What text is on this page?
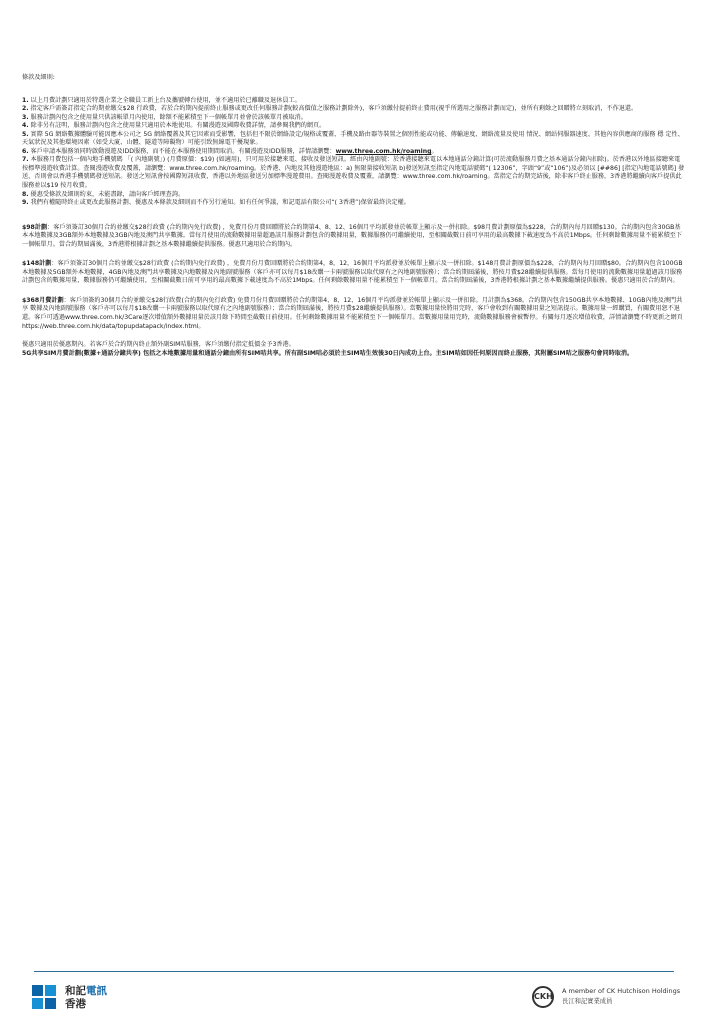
條款及細則:
1. 以上月費計劃只適用於特選企業之全職員工新上台及攜號轉台使用，並不適用於已離職及退休員工。
2. 指定客戶需簽訂指定合約期並繳交$28 行政費，若於合約期內提前終止服務或更改任何服務計劃(較高價值之服務計劃除外)，客戶須繳付提前終止費用(視乎所選用之服務計劃而定)，並所有剩餘之回贈將立刻取消，不作退還。
3. 服務計劃內包含之使用量只供該帳單月內使用，餘額不能累積至下一個帳單月並會於該帳單月被取消。
4. 除非另有註明，服務計劃內包含之使用量只適用於本地使用。有關漫遊及國際收費詳情，請參閱我們的網頁。
5. 實際 5G 網絡數據體驗可能因應本公司之 5G 網絡覆蓋及其它因素而受影響，包括但不限於網絡設定/規格或覆蓋、手機及路由器等裝置之個別性能或功能、傳輸速度、網絡流量及使用 情況、網站伺服器速度、其他內容供應商的服務 穩 定性、天氣狀況及其他環境因素（如受大廈、山體、隧道等障礙物）可能引致無線電干擾現象。
6. 客戶申請本服務須同時啟動漫遊及IDD服務，而不能在本服務使用期間取消。有關漫遊及IDD服務，詳情請瀏覽：www.three.com.hk/roaming。
7. 本服務月費包括一個內地手機號碼 「( 內地副號」) (月費原價：$19) (如適用)，只可用於接聽來電、接收及發送短訊。經由內地副號：於香港接聽來電以本地通話分鐘計算(可於流動服務月費之基本通話分鐘內扣除)。於香港以外地區接聽來電按標準漫遊收費計算。查閱漫遊收費及覆蓋，請瀏覽：www.three.com.hk/roaming。於香港、內地及其他漫遊地區：a) 無限量接收短訊 b)發送短訊至指定內地電話號碼“( 12306”，字頭“9”或“106”)及必須以 [##86] [指定內地電話號碼] 發送，否則會以香港手機號碼發送短訊。發送之短訊會按國際短訊收費，香港以外地區發送另加標準漫遊費用。查閱漫遊收費及覆蓋，請瀏覽：www.three.com.hk/roaming。當指定合約期完結後，除非客戶終止服務，3香港將繼續向客戶提供此服務並以$19 按月收費。
8. 優惠受條款及細則約束，未能盡錄，請向客戶經理查詢。
9. 我們有權隨時終止或更改此服務計劃、優惠及本條款及細則而不作另行通知。如有任何爭議，和記電話有限公司“( 3香港”)保留最終決定權。
$98計劃：客戶須簽訂30個月合約並繳交$28行政費 (合約期內免行政費) ，免費月份月費回贈將於合約期第4、8、12、16個月平均派發並於帳單上顯示及一併扣除。$98月費計劃原價為$228，合約期內每月回贈$130。合約期內包含30GB基本本地數據及3GB額外本地數據及3GB內地及澳門共享數據。當每月使用的流動數據用量超過該月服務計劃包含的數據用量，數據服務仍可繼續使用，至相關截數日前可享用的最高數據下載速度為不高於1Mbps。任何剩餘數據用量不能累積至下一個帳單月。當合約期屆滿後，3香港將根據計劃之基本數據繼續提供服務。優惠只適用於合約期內。
$148計劃：客戶須簽訂30個月合約並繳交$28行政費 (合約期內免行政費) ，免費月份月費回贈將於合約期第4，8，12，16個月平均派發並於帳單上顯示及一併扣除。$148月費計劃原價為$228，合約期內每月回贈$80。合約期內包含100GB本地數據及5GB額外本地數據，4GB內地及澳門共享數據及內地數據及內地副號服務（客戶亦可以每月$18改購一卡兩號服務以取代原有之內地副號服務）；當合約期屆滿後，將按月費$28繼續提供服務。當每月使用的流動數據用量超過該月服務計劃包含的數據用量，數據服務仍可繼續使用，至相關截數日前可享用的最高數據下載速度為不高於1Mbps。任何剩餘數據用量不能累積至下一個帳單月。當合約期屆滿後，3香港將根據計劃之基本數據繼續提供服務。優惠只適用於合約期內。
$368月費計劃：客戶須簽約30個月合約並繳交$28行政費(合約期內免行政費) 免費月份月費回贈將於合約期第4、8、12、16個月平均派發並於帳單上顯示及一併扣除。月計劃為$368。合約期內包含150GB共享本地數據、10GB內地及澳門共享 數據及內地副號服務（客戶亦可以每月$18改購一卡兩號服務以取代原有之內地副號服務）；當合約期屆滿後，將按月費$28繼續提供服務）。當數據用量快將用完時，客戶會收到有關數據用量之短訊提示。數據用量一經購買，有關費用恕不退還。客戶可透過www.three.com.hk/3Care逐次增值額外數據用量於該月餘下時間至截數日前使用。任何剩餘數據用量不能累積至下一個帳單月。當數據用量用完時，流動數據服務會被暫停。有關每月逐次增值收費，詳情請瀏覽不時更新之網頁https://web.three.com.hk/data/topupdatapack/index.html。
優惠只適用於優惠期內。若客戶於合約期內終止額外副SIM咭服務，客戶須繳付指定抵價金予3香港。
5G共享SIM月費計劃(數據+通話分鐘共享) 包括之本地數據用量和通話分鐘由所有SIM咭共享。所有副SIM咭必須於主SIM咭生效後30日內成功上台。主SIM咭如因任何原因而終止服務，其附屬SIM咭之服務句會同時取消。
和記電訊
香港
CKH
A member of CK Hutchison Holdings
長江和記實業成員
